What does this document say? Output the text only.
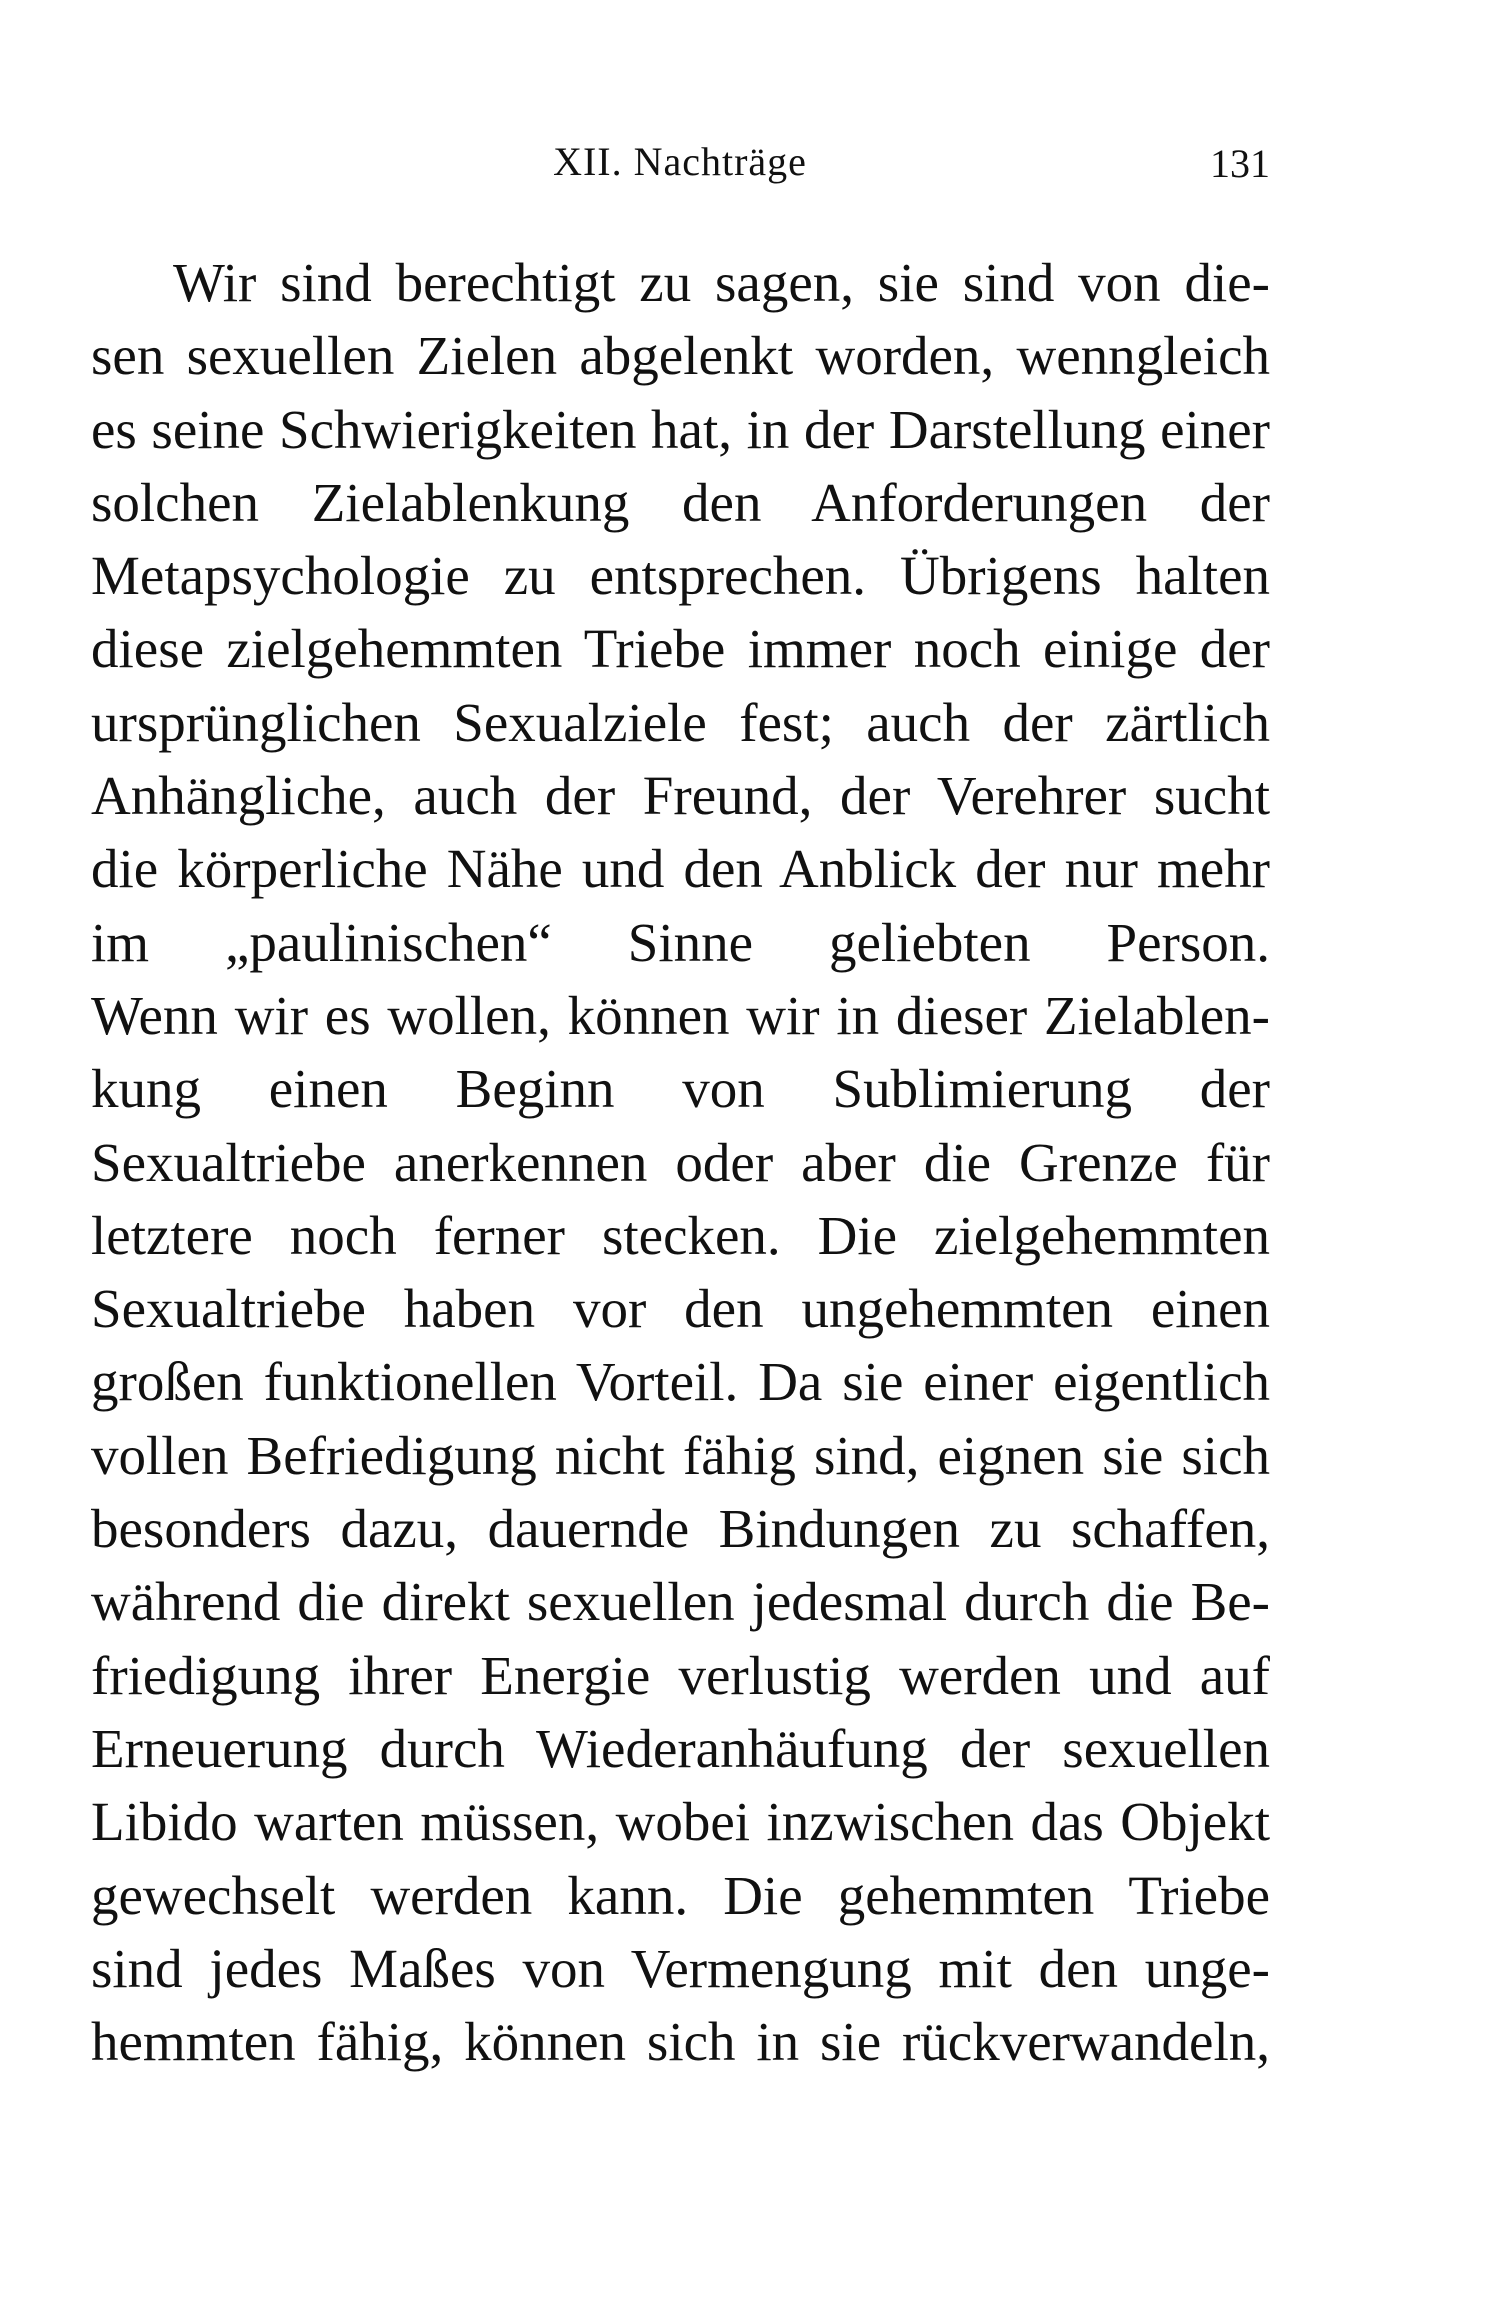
XII. Nachträge	131
Wir sind berechtigt zu sagen, sie sind von die-
sen sexuellen Zielen abgelenkt worden, wenngleich
es seine Schwierigkeiten hat, in der Darstellung einer
solchen Zielablenkung den Anforderungen der
Metapsychologie zu entsprechen. Übrigens halten
diese zielgehemmten Triebe immer noch einige der
ursprünglichen Sexualziele fest; auch der zärtlich
Anhängliche, auch der Freund, der Verehrer sucht
die körperliche Nähe und den Anblick der nur mehr
im „paulinischen“ Sinne geliebten Person.
Wenn wir es wollen, können wir in dieser Zielablen-
kung einen Beginn von Sublimierung der
Sexualtriebe anerkennen oder aber die Grenze für
letztere noch ferner stecken. Die zielgehemmten
Sexualtriebe haben vor den ungehemmten einen
großen funktionellen Vorteil. Da sie einer eigentlich
vollen Befriedigung nicht fähig sind, eignen sie sich
besonders dazu, dauernde Bindungen zu schaffen,
während die direkt sexuellen jedesmal durch die Be-
friedigung ihrer Energie verlustig werden und auf
Erneuerung durch Wiederanhäufung der sexuellen
Libido warten müssen, wobei inzwischen das Objekt
gewechselt werden kann. Die gehemmten Triebe
sind jedes Maßes von Vermengung mit den unge-
hemmten fähig, können sich in sie rückverwandeln,
